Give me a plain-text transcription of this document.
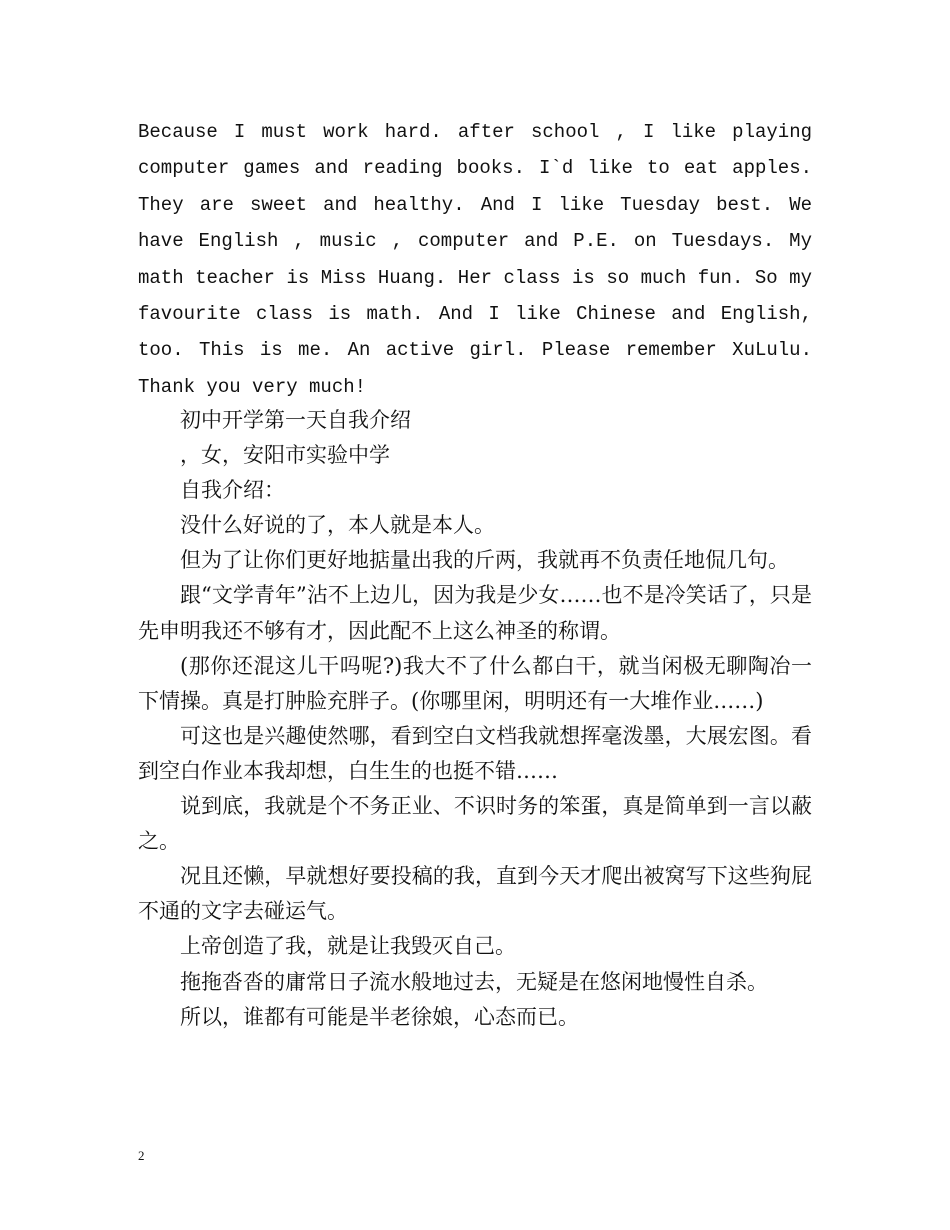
Because I must work hard. after school , I like playing computer games and reading books. I`d like to eat apples. They are sweet and healthy. And I like Tuesday best. We have English , music , computer and P.E. on Tuesdays. My math teacher is Miss Huang. Her class is so much fun. So my favourite class is math. And I like Chinese and English, too. This is me. An active girl. Please remember XuLulu. Thank you very much!

初中开学第一天自我介绍

，女，安阳市实验中学

自我介绍：

没什么好说的了，本人就是本人。

但为了让你们更好地掂量出我的斤两，我就再不负责任地侃几句。

跟“文学青年”沾不上边儿，因为我是少女……也不是冷笑话了，只是先申明我还不够有才，因此配不上这么神圣的称谓。

(那你还混这儿干吗呢?)我大不了什么都白干，就当闲极无聊陶冶一下情操。真是打肿脸充胖子。(你哪里闲，明明还有一大堆作业……)

可这也是兴趣使然哪，看到空白文档我就想挥毫泼墨，大展宏图。看到空白作业本我却想，白生生的也挺不错……

说到底，我就是个不务正业、不识时务的笨蛋，真是简单到一言以蔽之。

况且还懒，早就想好要投稿的我，直到今天才爬出被窝写下这些狗屁不通的文字去碰运气。

上帝创造了我，就是让我毁灭自己。

拖拖沓沓的庸常日子流水般地过去，无疑是在悠闲地慢性自杀。

所以，谁都有可能是半老徐娘，心态而已。

2
